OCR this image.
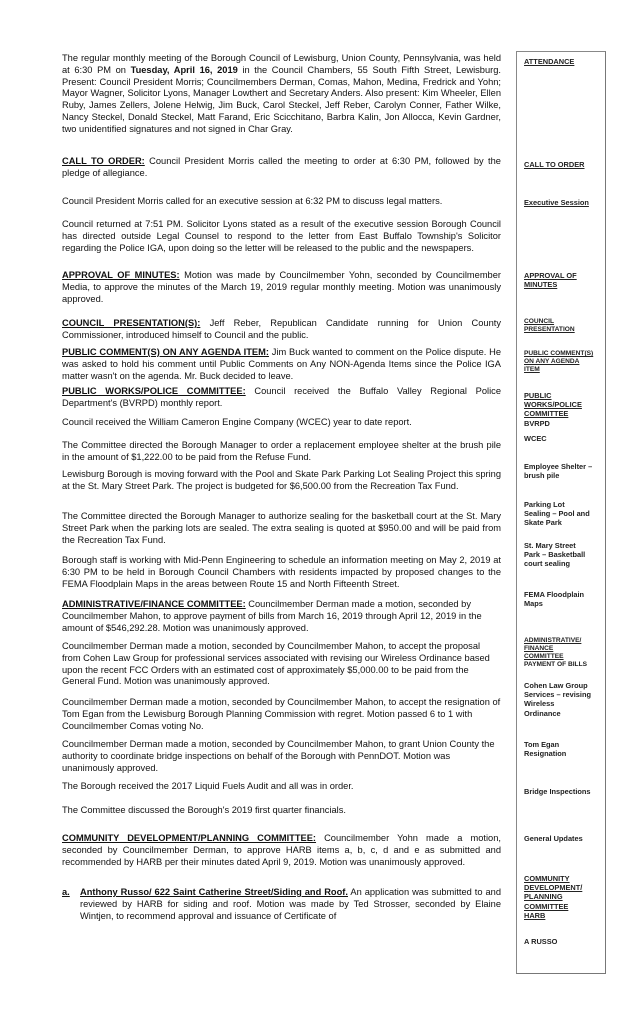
The regular monthly meeting of the Borough Council of Lewisburg, Union County, Pennsylvania, was held at 6:30 PM on Tuesday, April 16, 2019 in the Council Chambers, 55 South Fifth Street, Lewisburg. Present: Council President Morris; Councilmembers Derman, Comas, Mahon, Medina, Fredrick and Yohn; Mayor Wagner, Solicitor Lyons, Manager Lowthert and Secretary Anders. Also present: Kim Wheeler, Ellen Ruby, James Zellers, Jolene Helwig, Jim Buck, Carol Steckel, Jeff Reber, Carolyn Conner, Father Wilke, Nancy Steckel, Donald Steckel, Matt Farand, Eric Scicchitano, Barbra Kalin, Jon Allocca, Kevin Gardner, two unidentified signatures and not signed in Char Gray.

CALL TO ORDER: Council President Morris called the meeting to order at 6:30 PM, followed by the pledge of allegiance.

Council President Morris called for an executive session at 6:32 PM to discuss legal matters.

Council returned at 7:51 PM. Solicitor Lyons stated as a result of the executive session Borough Council has directed outside Legal Counsel to respond to the letter from East Buffalo Township's Solicitor regarding the Police IGA, upon doing so the letter will be released to the public and the newspapers.

APPROVAL OF MINUTES: Motion was made by Councilmember Yohn, seconded by Councilmember Media, to approve the minutes of the March 19, 2019 regular monthly meeting. Motion was unanimously approved.

COUNCIL PRESENTATION(S): Jeff Reber, Republican Candidate running for Union County Commissioner, introduced himself to Council and the public.

PUBLIC COMMENT(S) ON ANY AGENDA ITEM: Jim Buck wanted to comment on the Police dispute. He was asked to hold his comment until Public Comments on Any NON-Agenda Items since the Police IGA matter wasn't on the agenda. Mr. Buck decided to leave.

PUBLIC WORKS/POLICE COMMITTEE: Council received the Buffalo Valley Regional Police Department's (BVRPD) monthly report.

Council received the William Cameron Engine Company (WCEC) year to date report.

The Committee directed the Borough Manager to order a replacement employee shelter at the brush pile in the amount of $1,222.00 to be paid from the Refuse Fund.

Lewisburg Borough is moving forward with the Pool and Skate Park Parking Lot Sealing Project this spring at the St. Mary Street Park. The project is budgeted for $6,500.00 from the Recreation Tax Fund.

The Committee directed the Borough Manager to authorize sealing for the basketball court at the St. Mary Street Park when the parking lots are sealed. The extra sealing is quoted at $950.00 and will be paid from the Recreation Tax Fund.

Borough staff is working with Mid-Penn Engineering to schedule an information meeting on May 2, 2019 at 6:30 PM to be held in Borough Council Chambers with residents impacted by proposed changes to the FEMA Floodplain Maps in the areas between Route 15 and North Fifteenth Street.

ADMINISTRATIVE/FINANCE COMMITTEE: Councilmember Derman made a motion, seconded by Councilmember Mahon, to approve payment of bills from March 16, 2019 through April 12, 2019 in the amount of $546,292.28. Motion was unanimously approved.

Councilmember Derman made a motion, seconded by Councilmember Mahon, to accept the proposal from Cohen Law Group for professional services associated with revising our Wireless Ordinance based upon the recent FCC Orders with an estimated cost of approximately $5,000.00 to be paid from the General Fund. Motion was unanimously approved.

Councilmember Derman made a motion, seconded by Councilmember Mahon, to accept the resignation of Tom Egan from the Lewisburg Borough Planning Commission with regret. Motion passed 6 to 1 with Councilmember Comas voting No.

Councilmember Derman made a motion, seconded by Councilmember Mahon, to grant Union County the authority to coordinate bridge inspections on behalf of the Borough with PennDOT. Motion was unanimously approved.

The Borough received the 2017 Liquid Fuels Audit and all was in order.

The Committee discussed the Borough's 2019 first quarter financials.

COMMUNITY DEVELOPMENT/PLANNING COMMITTEE: Councilmember Yohn made a motion, seconded by Councilmember Derman, to approve HARB items a, b, c, d and e as submitted and recommended by HARB per their minutes dated April 9, 2019. Motion was unanimously approved.

a. Anthony Russo/ 622 Saint Catherine Street/Siding and Roof. An application was submitted to and reviewed by HARB for siding and roof. Motion was made by Ted Strosser, seconded by Elaine Wintjen, to recommend approval and issuance of Certificate of

ATTENDANCE
CALL TO ORDER
Executive Session
APPROVAL OF
MINUTES
COUNCIL
PRESENTATION
PUBLIC COMMENT(S)
ON ANY AGENDA
ITEM
PUBLIC
WORKS/POLICE
COMMITTEE
BVRPD
WCEC
Employee Shelter –
brush pile
Parking Lot
Sealing – Pool and
Skate Park
St. Mary Street
Park – Basketball
court sealing
FEMA Floodplain
Maps
ADMINISTRATIVE/
FINANCE
COMMITTEE
PAYMENT OF BILLS
Cohen Law Group
Services – revising
Wireless
Ordinance
Tom Egan
Resignation
Bridge Inspections
General Updates
COMMUNITY
DEVELOPMENT/
PLANNING
COMMITTEE
HARB
A RUSSO
